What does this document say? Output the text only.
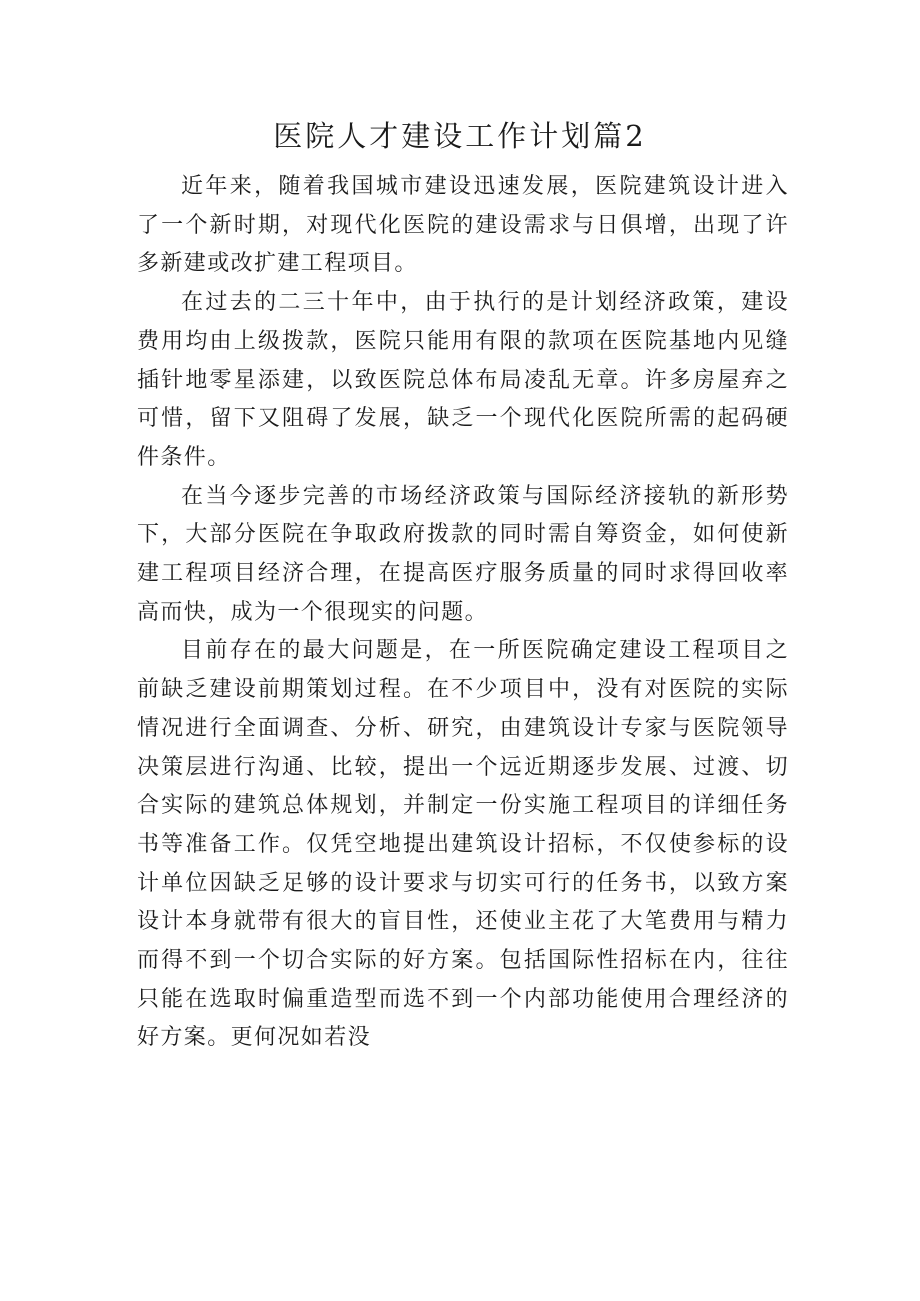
医院人才建设工作计划篇2

近年来，随着我国城市建设迅速发展，医院建筑设计进入了一个新时期，对现代化医院的建设需求与日俱增，出现了许多新建或改扩建工程项目。

在过去的二三十年中，由于执行的是计划经济政策，建设费用均由上级拨款，医院只能用有限的款项在医院基地内见缝插针地零星添建，以致医院总体布局凌乱无章。许多房屋弃之可惜，留下又阻碍了发展，缺乏一个现代化医院所需的起码硬件条件。

在当今逐步完善的市场经济政策与国际经济接轨的新形势下，大部分医院在争取政府拨款的同时需自筹资金，如何使新建工程项目经济合理，在提高医疗服务质量的同时求得回收率高而快，成为一个很现实的问题。

目前存在的最大问题是，在一所医院确定建设工程项目之前缺乏建设前期策划过程。在不少项目中，没有对医院的实际情况进行全面调查、分析、研究，由建筑设计专家与医院领导决策层进行沟通、比较，提出一个远近期逐步发展、过渡、切合实际的建筑总体规划，并制定一份实施工程项目的详细任务书等准备工作。仅凭空地提出建筑设计招标，不仅使参标的设计单位因缺乏足够的设计要求与切实可行的任务书，以致方案设计本身就带有很大的盲目性，还使业主花了大笔费用与精力而得不到一个切合实际的好方案。包括国际性招标在内，往往只能在选取时偏重造型而选不到一个内部功能使用合理经济的好方案。更何况如若没
